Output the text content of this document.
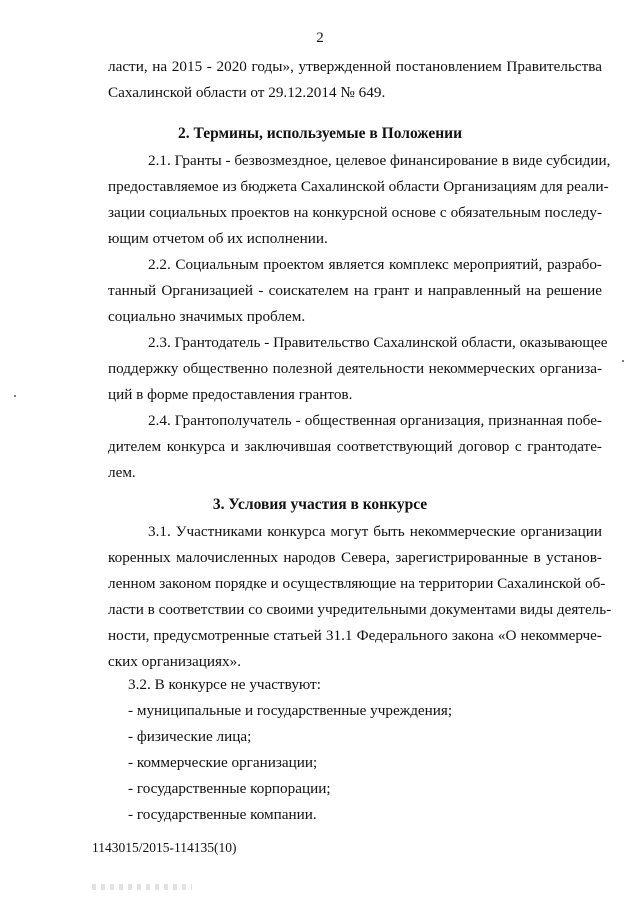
2
ласти, на 2015 - 2020 годы», утвержденной постановлением Правительства
Сахалинской области от 29.12.2014 № 649.
2. Термины, используемые в Положении
2.1. Гранты - безвозмездное, целевое финансирование в виде субсидии,
предоставляемое из бюджета Сахалинской области Организациям для реали-
зации социальных проектов на конкурсной основе с обязательным последу-
ющим отчетом об их исполнении.
2.2. Социальным проектом является комплекс мероприятий, разрабо-
танный Организацией - соискателем на грант и направленный на решение
социально значимых проблем.
2.3. Грантодатель - Правительство Сахалинской области, оказывающее
поддержку общественно полезной деятельности некоммерческих организа-
ций в форме предоставления грантов.
2.4. Грантополучатель - общественная организация, признанная побе-
дителем конкурса и заключившая соответствующий договор с грантодате-
лем.
3. Условия участия в конкурсе
3.1. Участниками конкурса могут быть некоммерческие организации
коренных малочисленных народов Севера, зарегистрированные в установ-
ленном законом порядке и осуществляющие на территории Сахалинской об-
ласти в соответствии со своими учредительными документами виды деятель-
ности, предусмотренные статьей 31.1 Федерального закона «О некоммерче-
ских организациях».
3.2. В конкурсе не участвуют:
- муниципальные и государственные учреждения;
- физические лица;
- коммерческие организации;
- государственные корпорации;
- государственные компании.
1143015/2015-114135(10)
